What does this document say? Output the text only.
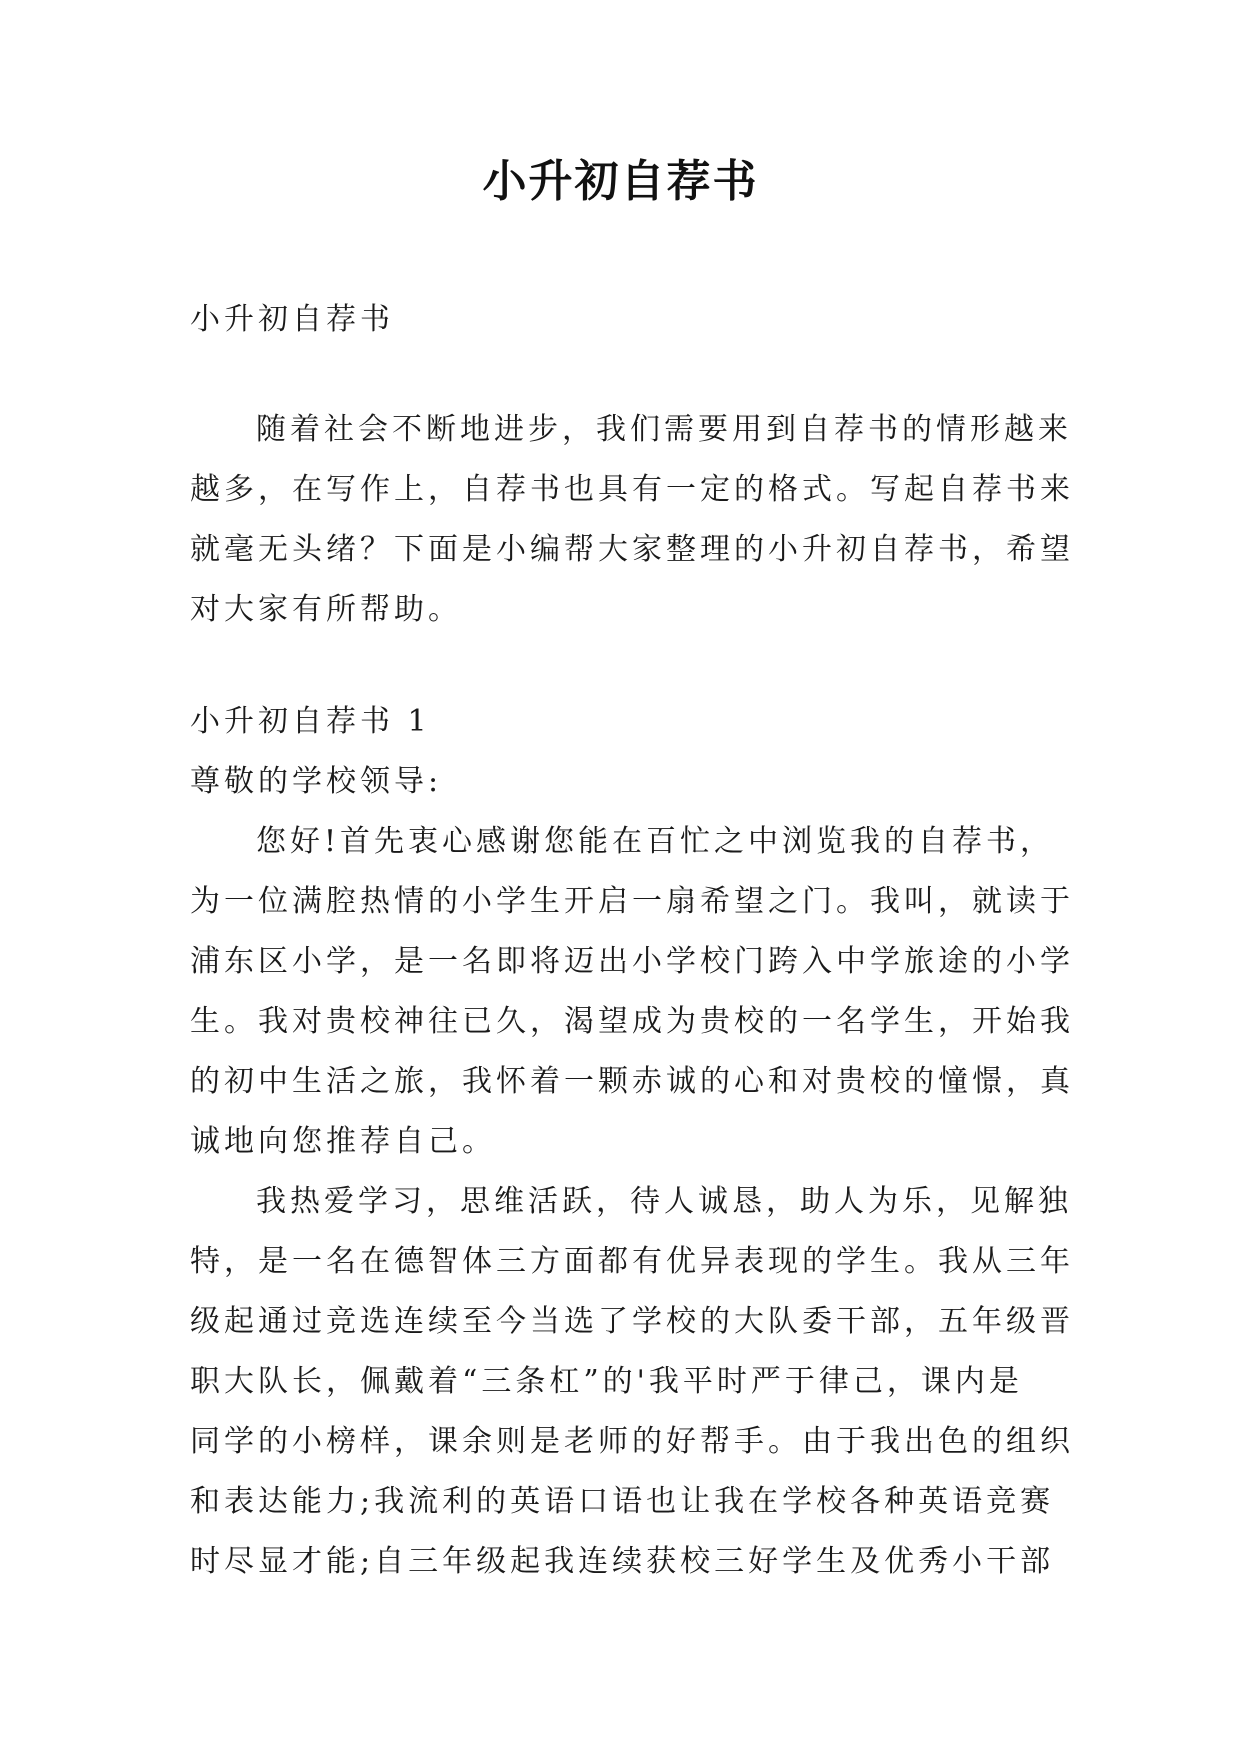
小升初自荐书
小升初自荐书
随着社会不断地进步，我们需要用到自荐书的情形越来
越多，在写作上，自荐书也具有一定的格式。写起自荐书来
就毫无头绪？下面是小编帮大家整理的小升初自荐书，希望
对大家有所帮助。
小升初自荐书 1
尊敬的学校领导:
您好!首先衷心感谢您能在百忙之中浏览我的自荐书，
为一位满腔热情的小学生开启一扇希望之门。我叫，就读于
浦东区小学，是一名即将迈出小学校门跨入中学旅途的小学
生。我对贵校神往已久，渴望成为贵校的一名学生，开始我
的初中生活之旅，我怀着一颗赤诚的心和对贵校的憧憬，真
诚地向您推荐自己。
我热爱学习，思维活跃，待人诚恳，助人为乐，见解独
特，是一名在德智体三方面都有优异表现的学生。我从三年
级起通过竞选连续至今当选了学校的大队委干部，五年级晋
职大队长，佩戴着“三条杠”的'我平时严于律己，课内是
同学的小榜样，课余则是老师的好帮手。由于我出色的组织
和表达能力;我流利的英语口语也让我在学校各种英语竞赛
时尽显才能;自三年级起我连续获校三好学生及优秀小干部
